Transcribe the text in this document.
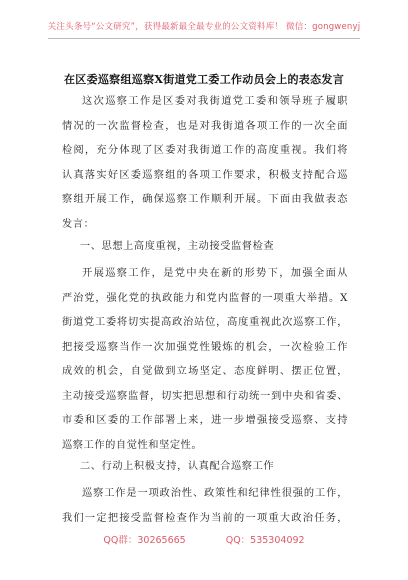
关注头条号“公文研究”，获得最新最全最专业的公文资料库！ 微信：gongwenyj
在区委巡察组巡察X街道党工委工作动员会上的表态发言
这次巡察工作是区委对我街道党工委和领导班子履职
情况的一次监督检查，也是对我街道各项工作的一次全面
检阅，充分体现了区委对我街道工作的高度重视。我们将
认真落实好区委巡察组的各项工作要求，积极支持配合巡
察组开展工作，确保巡察工作顺利开展。下面由我做表态
发言：
一、思想上高度重视，主动接受监督检查
开展巡察工作，是党中央在新的形势下，加强全面从
严治党，强化党的执政能力和党内监督的一项重大举措。X
街道党工委将切实提高政治站位，高度重视此次巡察工作，
把接受巡察当作一次加强党性锻炼的机会，一次检验工作
成效的机会，自觉做到立场坚定、态度鲜明、摆正位置，
主动接受巡察监督，切实把思想和行动统一到中央和省委、
市委和区委的工作部署上来，进一步增强接受巡察、支持
巡察工作的自觉性和坚定性。
二、行动上积极支持，认真配合巡察工作
巡察工作是一项政治性、政策性和纪律性很强的工作，
我们一定把接受监督检查作为当前的一项重大政治任务，
QQ群：30265665	QQ：535304092
